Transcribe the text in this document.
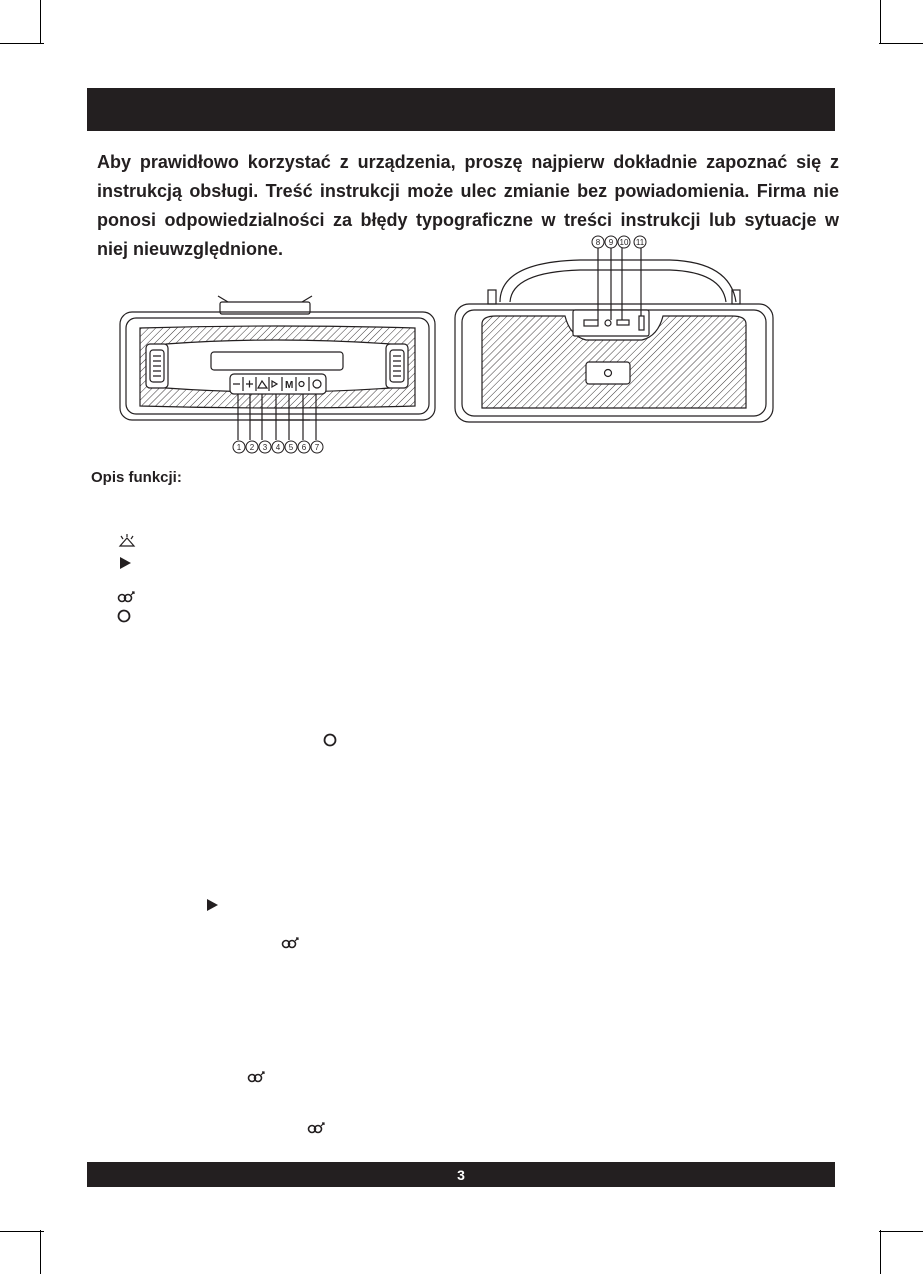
Aby prawidłowo korzystać z urządzenia, proszę najpierw dokładnie zapoznać się z instrukcją obsługi. Treść instrukcji może ulec zmianie bez powiadomienia. Firma nie ponosi odpowiedzialności za błędy typograficzne w treści instrukcji lub sytuacje w niej nieuwzględnione.

M
1 2 3 4 5 6 7
8 9 10 11
Opis funkcji:
3
